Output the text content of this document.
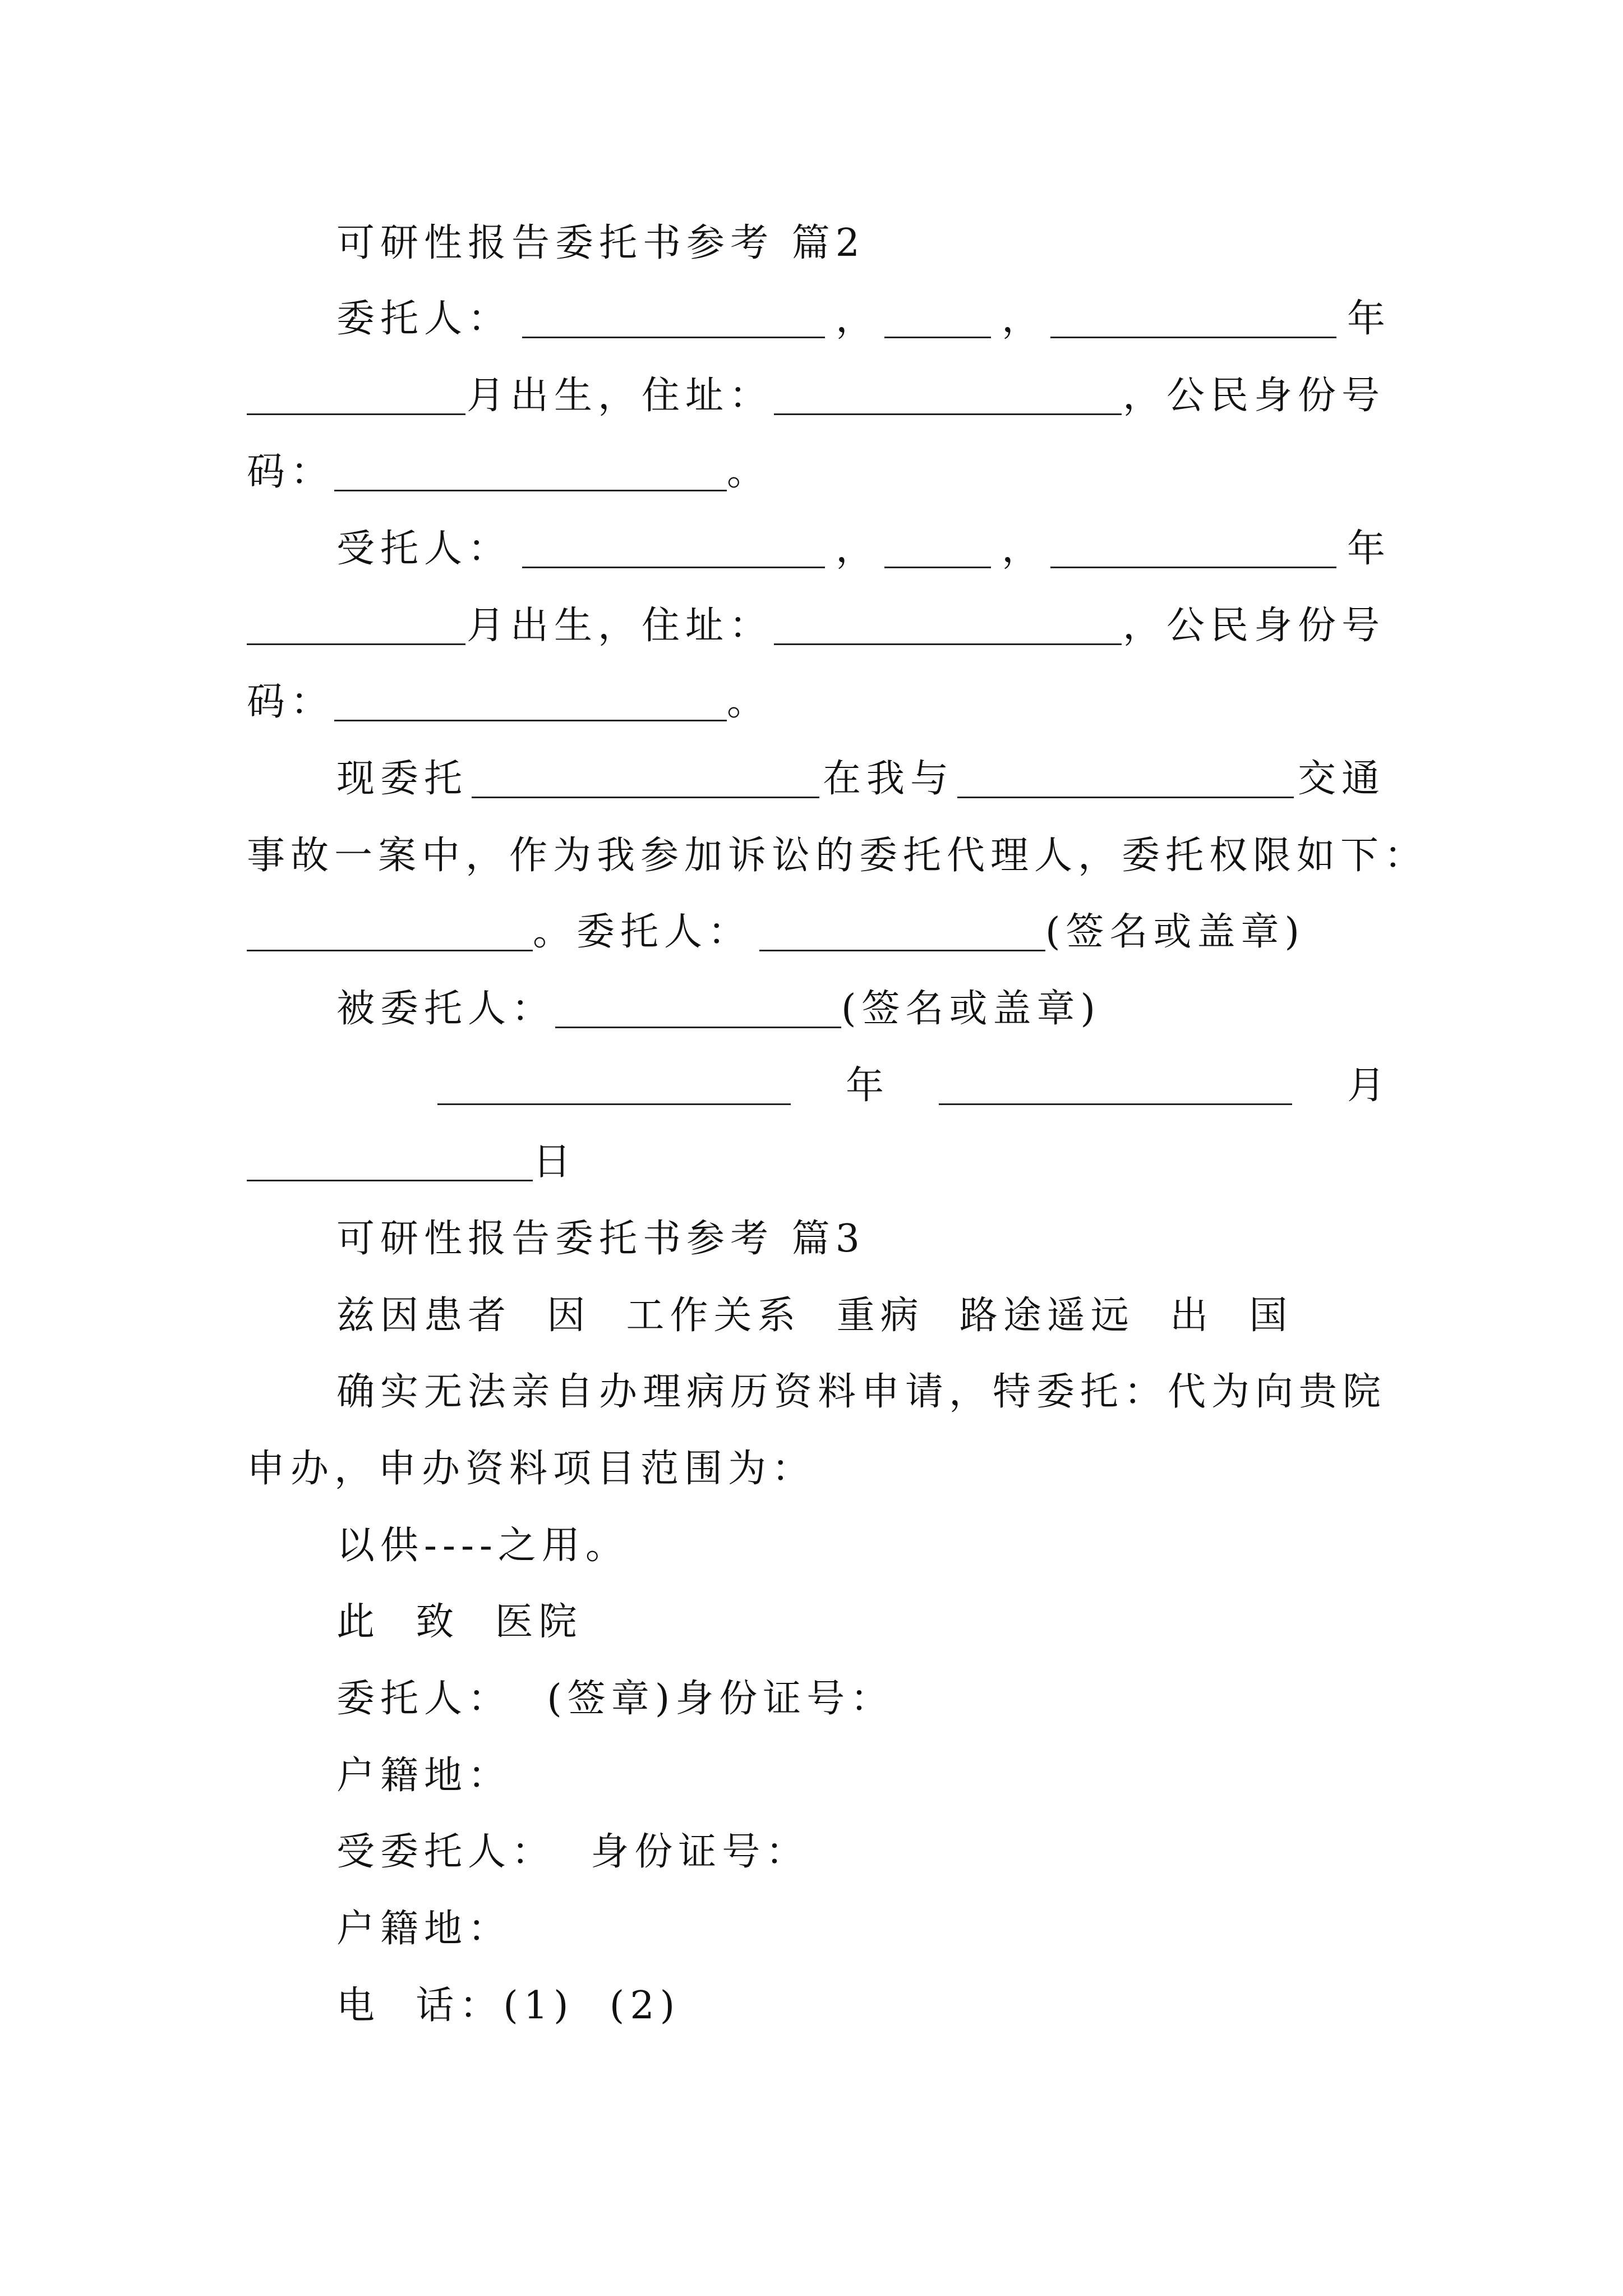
可研性报告委托书参考 篇2
委托人：	，	，	年
月出生，住址：	，公民身份号
码：	。
受托人：	，	，	年
月出生，住址：	，公民身份号
码：	。
现委托	在我与	交通
事故一案中，作为我参加诉讼的委托代理人，委托权限如下：
。委托人：	(签名或盖章)
被委托人：	(签名或盖章)
年	月
日
可研性报告委托书参考 篇3
兹因患者  因  工作关系  重病  路途遥远  出  国
确实无法亲自办理病历资料申请，特委托：代为向贵院
申办，申办资料项目范围为：
以供----之用。
此  致  医院
委托人：  (签章)身份证号：
户籍地：
受委托人：  身份证号：
户籍地：
电  话：(1)  (2)
